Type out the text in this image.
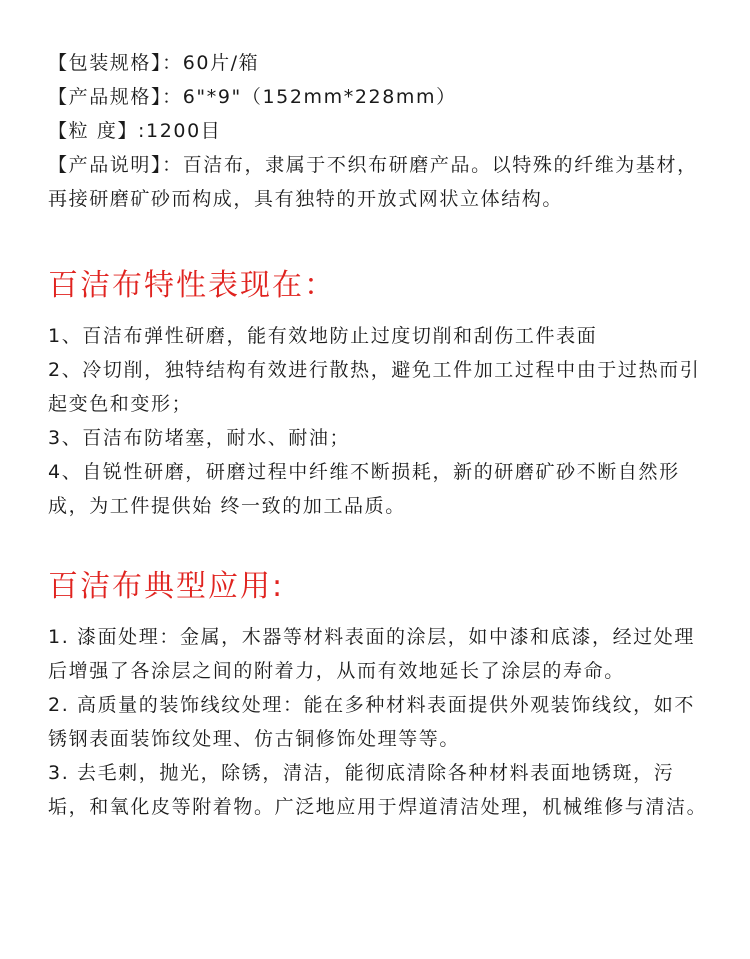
【包装规格】：60片/箱
【产品规格】：6"*9"（152mm*228mm）
【粒 度】:1200目
【产品说明】：百洁布，隶属于不织布研磨产品。以特殊的纤维为基材，再接研磨矿砂而构成，具有独特的开放式网状立体结构。
百洁布特性表现在：
1、百洁布弹性研磨，能有效地防止过度切削和刮伤工件表面
2、冷切削，独特结构有效进行散热，避免工件加工过程中由于过热而引起变色和变形；
3、百洁布防堵塞，耐水、耐油；
4、自锐性研磨，研磨过程中纤维不断损耗，新的研磨矿砂不断自然形成，为工件提供始 终一致的加工品质。
百洁布典型应用:
1. 漆面处理：金属，木器等材料表面的涂层，如中漆和底漆，经过处理后增强了各涂层之间的附着力，从而有效地延长了涂层的寿命。
2. 高质量的装饰线纹处理：能在多种材料表面提供外观装饰线纹，如不锈钢表面装饰纹处理、仿古铜修饰处理等等。
3. 去毛刺，抛光，除锈，清洁，能彻底清除各种材料表面地锈斑，污垢，和氧化皮等附着物。广泛地应用于焊道清洁处理，机械维修与清洁。
